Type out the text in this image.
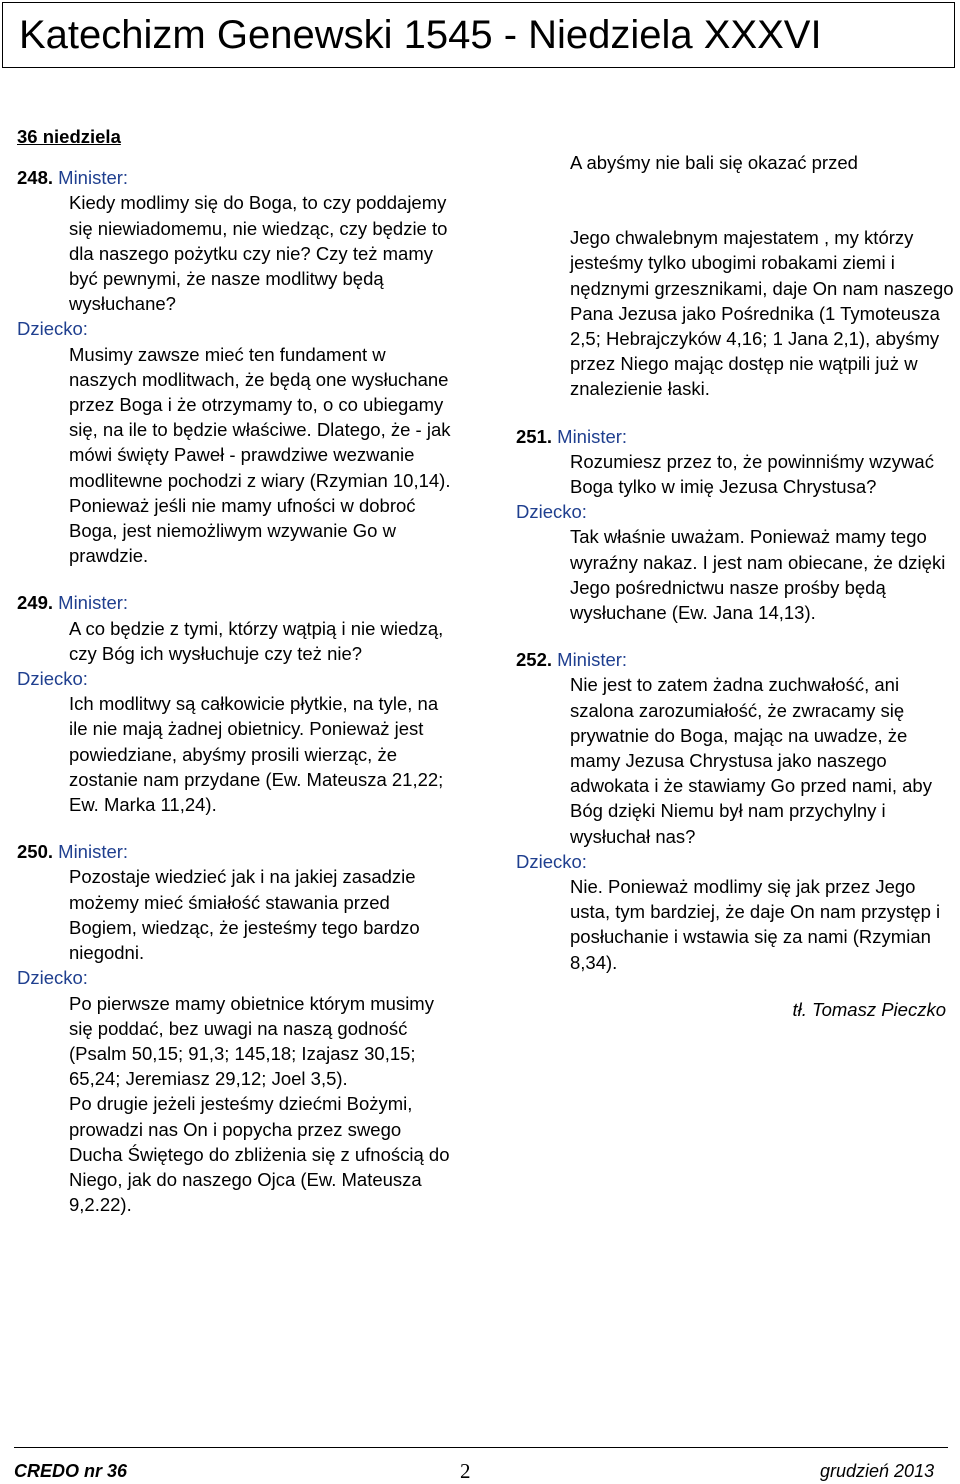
Katechizm Genewski 1545 - Niedziela XXXVI
36 niedziela
248. Minister:
Kiedy modlimy się do Boga, to czy poddajemy się niewiadomemu, nie wiedząc, czy będzie to dla naszego pożytku czy nie? Czy też mamy być pewnymi, że nasze modlitwy będą wysłuchane?
Dziecko:
Musimy zawsze mieć ten fundament w naszych modlitwach, że będą one wysłuchane przez Boga i że otrzymamy to, o co ubiegamy się, na ile to będzie właściwe. Dlatego, że - jak mówi święty Paweł - prawdziwe wezwanie modlitewne pochodzi z wiary (Rzymian 10,14). Ponieważ jeśli nie mamy ufności w dobroć Boga, jest niemożliwym wzywanie Go w prawdzie.
249. Minister:
A co będzie z tymi, którzy wątpią i nie wiedzą, czy Bóg ich wysłuchuje czy też nie?
Dziecko:
Ich modlitwy są całkowicie płytkie, na tyle, na ile nie mają żadnej obietnicy. Ponieważ jest powiedziane, abyśmy prosili wierząc, że zostanie nam przydane (Ew. Mateusza 21,22; Ew. Marka 11,24).
250. Minister:
Pozostaje wiedzieć jak i na jakiej zasadzie możemy mieć śmiałość stawania przed Bogiem, wiedząc, że jesteśmy tego bardzo niegodni.
Dziecko:
Po pierwsze mamy obietnice którym musimy się poddać, bez uwagi na naszą godność (Psalm 50,15; 91,3; 145,18; Izajasz 30,15; 65,24; Jeremiasz 29,12; Joel 3,5).
Po drugie jeżeli jesteśmy dziećmi Bożymi, prowadzi nas On i popycha przez swego Ducha Świętego do zbliżenia się z ufnością do Niego, jak do naszego Ojca (Ew. Mateusza 9,2.22).
A abyśmy nie bali się okazać przed
Jego chwalebnym majestatem , my którzy jesteśmy tylko ubogimi robakami ziemi i nędznymi grzesznikami, daje On nam naszego Pana Jezusa jako Pośrednika (1 Tymoteusza 2,5; Hebrajczyków 4,16; 1 Jana 2,1), abyśmy przez Niego mając dostęp nie wątpili już w znalezienie łaski.
251. Minister:
Rozumiesz przez to, że powinniśmy wzywać Boga tylko w imię Jezusa Chrystusa?
Dziecko:
Tak właśnie uważam. Ponieważ mamy tego wyraźny nakaz. I jest nam obiecane, że dzięki Jego pośrednictwu nasze prośby będą wysłuchane (Ew. Jana 14,13).
252. Minister:
Nie jest to zatem żadna zuchwałość, ani szalona zarozumiałość, że zwracamy się prywatnie do Boga, mając na uwadze, że mamy Jezusa Chrystusa jako naszego adwokata i że stawiamy Go przed nami, aby Bóg dzięki Niemu był nam przychylny i wysłuchał nas?
Dziecko:
Nie. Ponieważ modlimy się jak przez Jego usta, tym bardziej, że daje On nam przystęp i posłuchanie i wstawia się za nami (Rzymian 8,34).
tł. Tomasz Pieczko
CREDO nr 36	2	grudzień 2013
